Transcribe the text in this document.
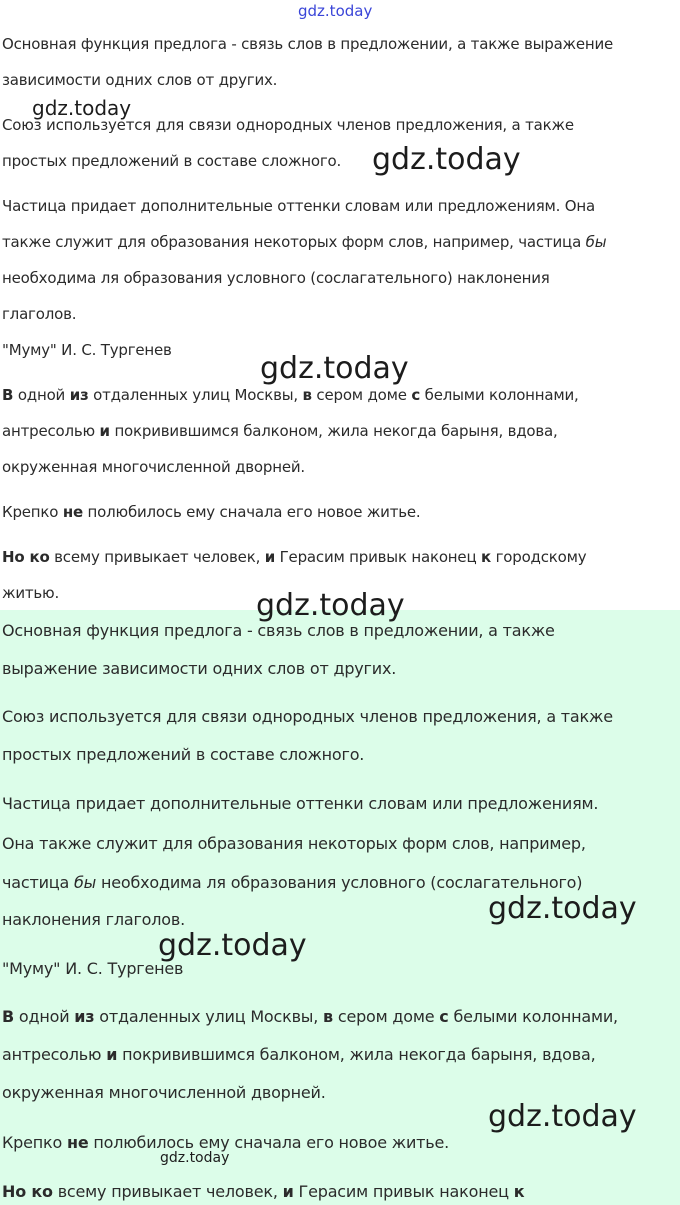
Основная функция предлога - связь слов в предложении, а также выражение

зависимости одних слов от других.

Союз используется для связи однородных членов предложения, а также

простых предложений в составе сложного.

Частица придает дополнительные оттенки словам или предложениям. Она

также служит для образования некоторых форм слов, например, частица бы

необходима ля образования условного (сослагательного) наклонения

глаголов.

"Муму" И. С. Тургенев

В одной из отдаленных улиц Москвы, в сером доме с белыми колоннами,

антресолью и покривившимся балконом, жила некогда барыня, вдова,

окруженная многочисленной дворней.

Крепко не полюбилось ему сначала его новое житье.

Но ко всему привыкает человек, и Герасим привык наконец к городскому

житью.

Основная функция предлога - связь слов в предложении, а также

выражение зависимости одних слов от других.

Союз используется для связи однородных членов предложения, а также

простых предложений в составе сложного.

Частица придает дополнительные оттенки словам или предложениям.

Она также служит для образования некоторых форм слов, например,

частица бы необходима ля образования условного (сослагательного)

наклонения глаголов.

"Муму" И. С. Тургенев

В одной из отдаленных улиц Москвы, в сером доме с белыми колоннами,

антресолью и покривившимся балконом, жила некогда барыня, вдова,

окруженная многочисленной дворней.

Крепко не полюбилось ему сначала его новое житье.

Но ко всему привыкает человек, и Герасим привык наконец к

gdz.today
gdz.today
gdz.today
gdz.today
gdz.today
gdz.today
gdz.today
gdz.today
gdz.today
